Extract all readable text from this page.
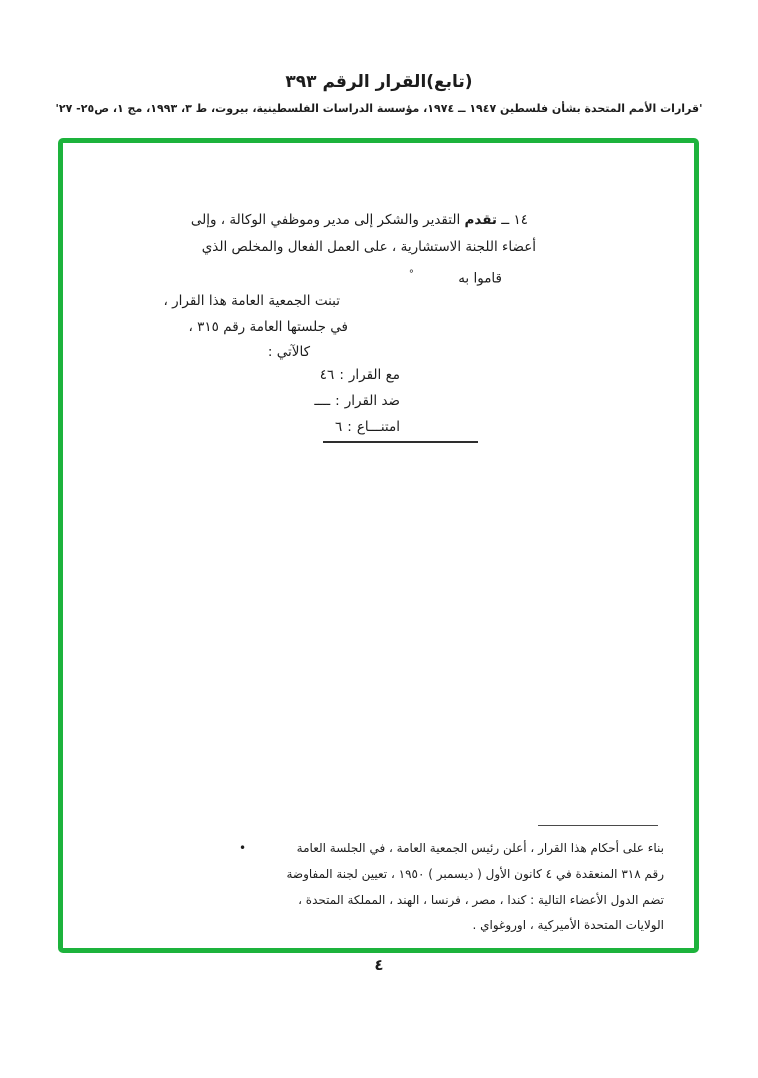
(تابع)القرار الرقم ٣٩٣
'قرارات الأمم المتحدة بشأن فلسطين ١٩٤٧ ــ ١٩٧٤، مؤسسة الدراسات الفلسطينية، بيروت، ط ٣، ١٩٩٣، مج ١، ص٢٥- ٢٧'
١٤ ــ تقدم التقدير والشكر إلى مدير وموظفي الوكالة ، وإلى
أعضاء اللجنة الاستشارية ، على العمل الفعال والمخلص الذي
قاموا به °
تبنت الجمعية العامة هذا القرار ،
في جلستها العامة رقم ٣١٥ ،
كالآتي :
مع القرار:٤٦
ضد القرار:ــــ
امتنـــاع:٦
•	بناء على أحكام هذا القرار ، أعلن رئيس الجمعية العامة ، في الجلسة العامة
رقم ٣١٨ المنعقدة في ٤ كانون الأول ( ديسمبر ) ١٩٥٠ ، تعيين لجنة المفاوضة
تضم الدول الأعضاء التالية : كندا ، مصر ، فرنسا ، الهند ، المملكة المتحدة ،
الولايات المتحدة الأميركية ، اوروغواي .
٤
